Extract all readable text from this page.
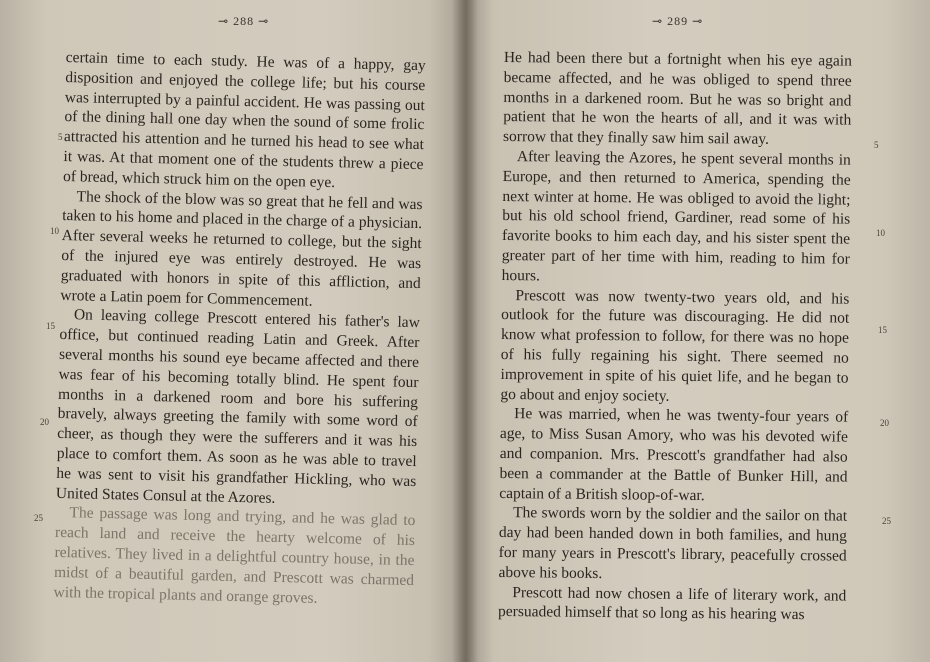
⊸ 288 ⊸

certain time to each study. He was of a happy, gay disposition and enjoyed the college life; but his course was interrupted by a painful accident. He was passing out of the dining hall one day when the sound of some frolic attracted his attention and he turned his head to see what it was. At that moment one of the students threw a piece of bread, which struck him on the open eye.

The shock of the blow was so great that he fell and was taken to his home and placed in the charge of a physician. After several weeks he returned to college, but the sight of the injured eye was entirely destroyed. He was graduated with honors in spite of this affliction, and wrote a Latin poem for Commencement.

On leaving college Prescott entered his father's law office, but continued reading Latin and Greek. After several months his sound eye became affected and there was fear of his becoming totally blind. He spent four months in a darkened room and bore his suffering bravely, always greeting the family with some word of cheer, as though they were the sufferers and it was his place to comfort them. As soon as he was able to travel he was sent to visit his grandfather Hickling, who was United States Consul at the Azores.

The passage was long and trying, and he was glad to reach land and receive the hearty welcome of his relatives. They lived in a delightful country house, in the midst of a beautiful garden, and Prescott was charmed with the tropical plants and orange groves.

5
10
15
20
25
⊸ 289 ⊸

He had been there but a fortnight when his eye again became affected, and he was obliged to spend three months in a darkened room. But he was so bright and patient that he won the hearts of all, and it was with sorrow that they finally saw him sail away.

After leaving the Azores, he spent several months in Europe, and then returned to America, spending the next winter at home. He was obliged to avoid the light; but his old school friend, Gardiner, read some of his favorite books to him each day, and his sister spent the greater part of her time with him, reading to him for hours.

Prescott was now twenty-two years old, and his outlook for the future was discouraging. He did not know what profession to follow, for there was no hope of his fully regaining his sight. There seemed no improvement in spite of his quiet life, and he began to go about and enjoy society.

He was married, when he was twenty-four years of age, to Miss Susan Amory, who was his devoted wife and companion. Mrs. Prescott's grandfather had also been a commander at the Battle of Bunker Hill, and captain of a British sloop-of-war.

The swords worn by the soldier and the sailor on that day had been handed down in both families, and hung for many years in Prescott's library, peacefully crossed above his books.

Prescott had now chosen a life of literary work, and persuaded himself that so long as his hearing was

5
10
15
20
25
